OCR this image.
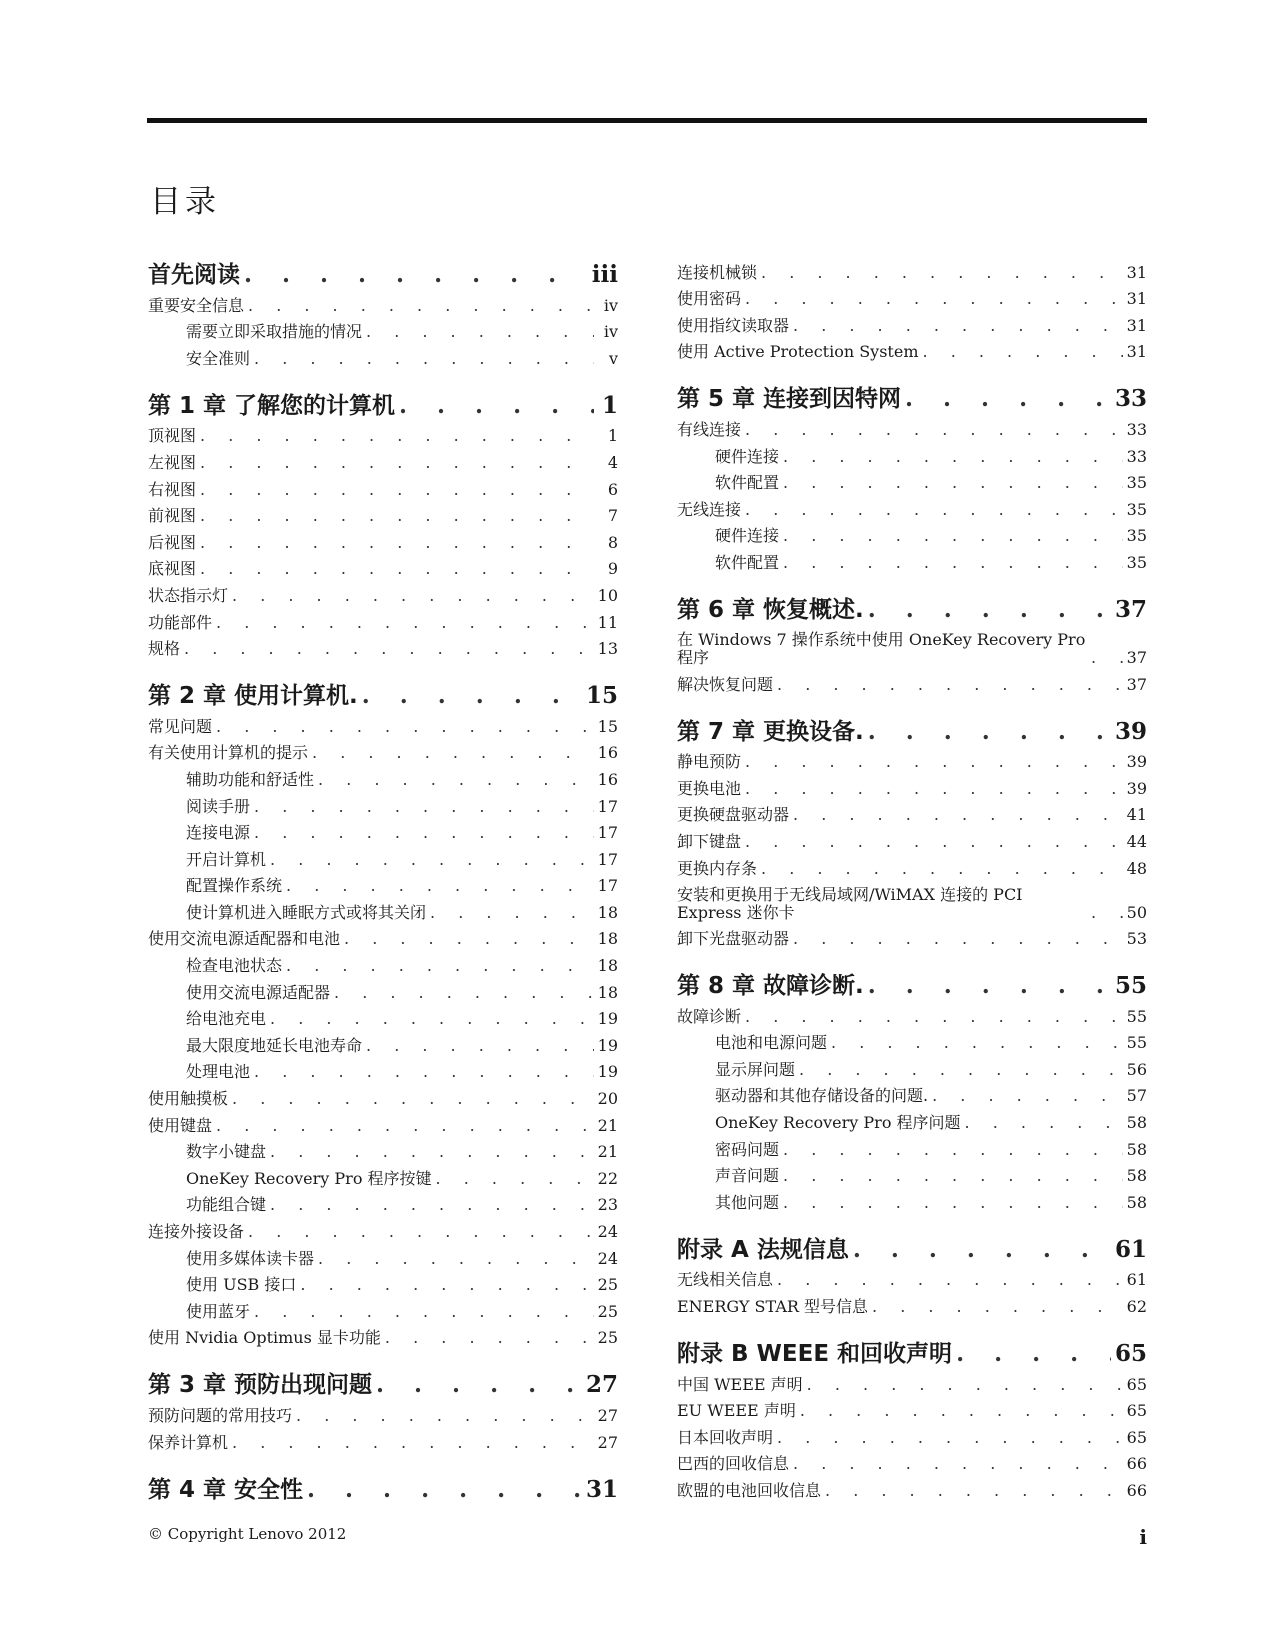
目录
首先阅读 . . .	iii
重要安全信息 . . .	iv
需要立即采取措施的情况 . . .	iv
安全准则 . . .	v
第 1 章 了解您的计算机 . . .	1
顶视图 . . .	1
左视图 . . .	4
右视图 . . .	6
前视图 . . .	7
后视图 . . .	8
底视图 . . .	9
状态指示灯 . . .	10
功能部件 . . .	11
规格 . . .	13
第 2 章 使用计算机. . . .	15
常见问题 . . .	15
有关使用计算机的提示 . . .	16
辅助功能和舒适性 . . .	16
阅读手册 . . .	17
连接电源 . . .	17
开启计算机 . . .	17
配置操作系统 . . .	17
使计算机进入睡眠方式或将其关闭 . . .	18
使用交流电源适配器和电池 . . .	18
检查电池状态 . . .	18
使用交流电源适配器 . . .	18
给电池充电 . . .	19
最大限度地延长电池寿命 . . .	19
处理电池 . . .	19
使用触摸板 . . .	20
使用键盘 . . .	21
数字小键盘 . . .	21
OneKey Recovery Pro 程序按键 . . .	22
功能组合键 . . .	23
连接外接设备 . . .	24
使用多媒体读卡器 . . .	24
使用 USB 接口 . . .	25
使用蓝牙 . . .	25
使用 Nvidia Optimus 显卡功能 . . .	25
第 3 章 预防出现问题 . . .	27
预防问题的常用技巧 . . .	27
保养计算机 . . .	27
第 4 章 安全性 . . .	31
连接机械锁 . . .	31
使用密码 . . .	31
使用指纹读取器 . . .	31
使用 Active Protection System . . .	31
第 5 章 连接到因特网 . . .	33
有线连接 . . .	33
硬件连接 . . .	33
软件配置 . . .	35
无线连接 . . .	35
硬件连接 . . .	35
软件配置 . . .	35
第 6 章 恢复概述. . . .	37
在 Windows 7 操作系统中使用 OneKey Recovery Pro 程序 . . .	37
解决恢复问题 . . .	37
第 7 章 更换设备. . . .	39
静电预防 . . .	39
更换电池 . . .	39
更换硬盘驱动器 . . .	41
卸下键盘 . . .	44
更换内存条 . . .	48
安装和更换用于无线局域网/WiMAX 连接的 PCI Express 迷你卡 . . .	50
卸下光盘驱动器 . . .	53
第 8 章 故障诊断. . . .	55
故障诊断 . . .	55
电池和电源问题 . . .	55
显示屏问题 . . .	56
驱动器和其他存储设备的问题. . . .	57
OneKey Recovery Pro 程序问题 . . .	58
密码问题 . . .	58
声音问题 . . .	58
其他问题 . . .	58
附录 A 法规信息 . . .	61
无线相关信息 . . .	61
ENERGY STAR 型号信息 . . .	62
附录 B WEEE 和回收声明 . . .	65
中国 WEEE 声明 . . .	65
EU WEEE 声明 . . .	65
日本回收声明 . . .	65
巴西的回收信息 . . .	66
欧盟的电池回收信息 . . .	66
© Copyright Lenovo 2012	i
